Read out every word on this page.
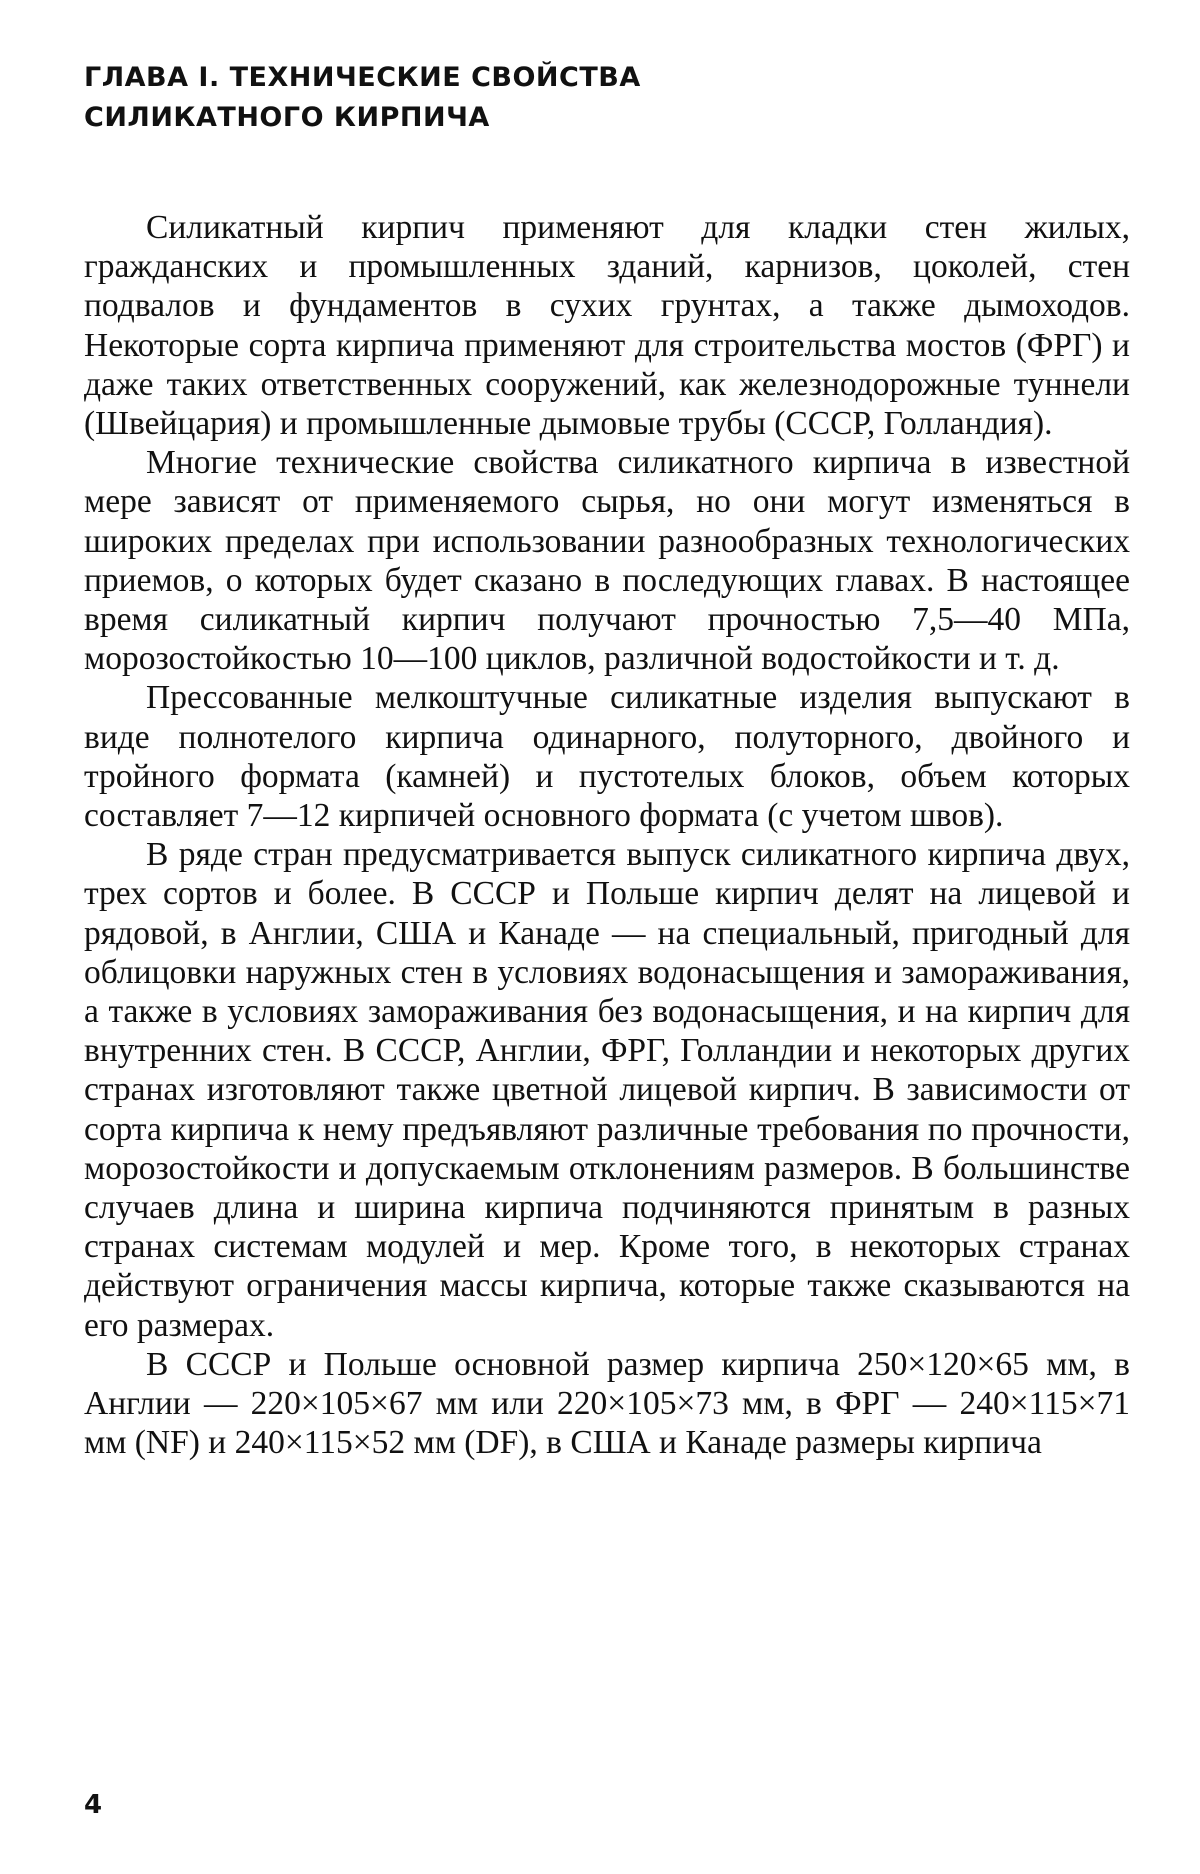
ГЛАВА I. ТЕХНИЧЕСКИЕ СВОЙСТВА
СИЛИКАТНОГО КИРПИЧА

Силикатный кирпич применяют для кладки стен жилых, гражданских и промышленных зданий, карнизов, цоколей, стен подвалов и фундаментов в сухих грунтах, а также дымоходов. Некоторые сорта кирпича применяют для строительства мостов (ФРГ) и даже таких ответственных сооружений, как железнодорожные туннели (Швейцария) и промышленные дымовые трубы (СССР, Голландия).

Многие технические свойства силикатного кирпича в известной мере зависят от применяемого сырья, но они могут изменяться в широких пределах при использовании разнообразных технологических приемов, о которых будет сказано в последующих главах. В настоящее время силикатный кирпич получают прочностью 7,5—40 МПа, морозостойкостью 10—100 циклов, различной водостойкости и т. д.

Прессованные мелкоштучные силикатные изделия выпускают в виде полнотелого кирпича одинарного, полуторного, двойного и тройного формата (камней) и пустотелых блоков, объем которых составляет 7—12 кирпичей основного формата (с учетом швов).

В ряде стран предусматривается выпуск силикатного кирпича двух, трех сортов и более. В СССР и Польше кирпич делят на лицевой и рядовой, в Англии, США и Канаде — на специальный, пригодный для облицовки наружных стен в условиях водонасыщения и замораживания, а также в условиях замораживания без водонасыщения, и на кирпич для внутренних стен. В СССР, Англии, ФРГ, Голландии и некоторых других странах изготовляют также цветной лицевой кирпич. В зависимости от сорта кирпича к нему предъявляют различные требования по прочности, морозостойкости и допускаемым отклонениям размеров. В большинстве случаев длина и ширина кирпича подчиняются принятым в разных странах системам модулей и мер. Кроме того, в некоторых странах действуют ограничения массы кирпича, которые также сказываются на его размерах.

В СССР и Польше основной размер кирпича 250×120×65 мм, в Англии — 220×105×67 мм или 220×105×73 мм, в ФРГ — 240×115×71 мм (NF) и 240×115×52 мм (DF), в США и Канаде размеры кирпича

4
